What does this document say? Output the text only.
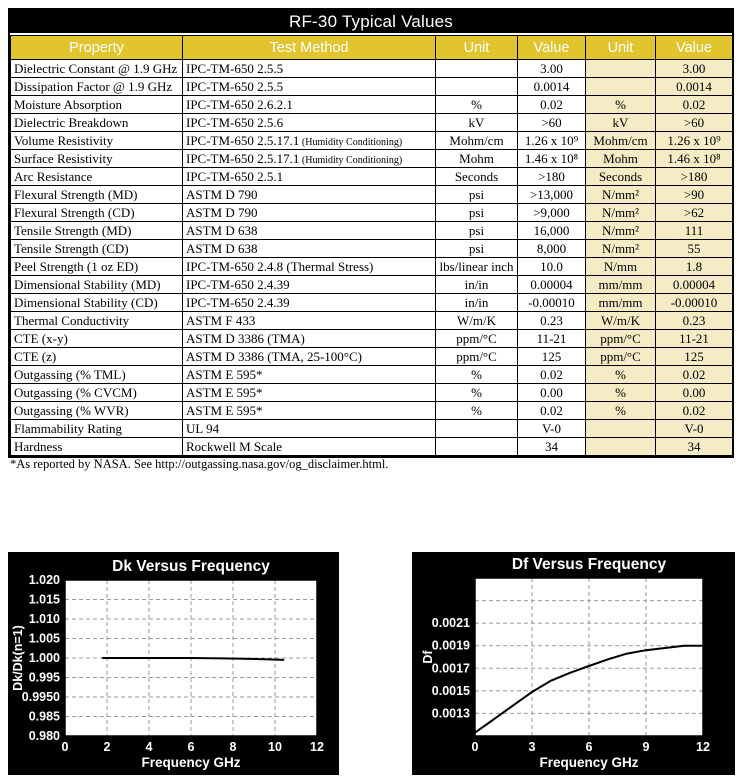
RF-30 Typical Values
Property	Test Method	Unit	Value	Unit	Value
Dielectric Constant @ 1.9 GHz	IPC-TM-650 2.5.5		3.00		3.00
Dissipation Factor @ 1.9 GHz	IPC-TM-650 2.5.5		0.0014		0.0014
Moisture Absorption	IPC-TM-650 2.6.2.1	%	0.02	%	0.02
Dielectric Breakdown	IPC-TM-650 2.5.6	kV	>60	kV	>60
Volume Resistivity	IPC-TM-650 2.5.17.1 (Humidity Conditioning)	Mohm/cm	1.26 x 10⁹	Mohm/cm	1.26 x 10⁹
Surface Resistivity	IPC-TM-650 2.5.17.1 (Humidity Conditioning)	Mohm	1.46 x 10⁸	Mohm	1.46 x 10⁸
Arc Resistance	IPC-TM-650 2.5.1	Seconds	>180	Seconds	>180
Flexural Strength (MD)	ASTM D 790	psi	>13,000	N/mm²	>90
Flexural Strength (CD)	ASTM D 790	psi	>9,000	N/mm²	>62
Tensile Strength (MD)	ASTM D 638	psi	16,000	N/mm²	111
Tensile Strength (CD)	ASTM D 638	psi	8,000	N/mm²	55
Peel Strength (1 oz ED)	IPC-TM-650 2.4.8 (Thermal Stress)	lbs/linear inch	10.0	N/mm	1.8
Dimensional Stability (MD)	IPC-TM-650 2.4.39	in/in	0.00004	mm/mm	0.00004
Dimensional Stability (CD)	IPC-TM-650 2.4.39	in/in	-0.00010	mm/mm	-0.00010
Thermal Conductivity	ASTM F 433	W/m/K	0.23	W/m/K	0.23
CTE (x-y)	ASTM D 3386 (TMA)	ppm/°C	11-21	ppm/°C	11-21
CTE (z)	ASTM D 3386 (TMA, 25-100°C)	ppm/°C	125	ppm/°C	125
Outgassing (% TML)	ASTM E 595*	%	0.02	%	0.02
Outgassing (% CVCM)	ASTM E 595*	%	0.00	%	0.00
Outgassing (% WVR)	ASTM E 595*	%	0.02	%	0.02
Flammability Rating	UL 94		V-0		V-0
Hardness	Rockwell M Scale		34		34
*As reported by NASA. See http://outgassing.nasa.gov/og_disclaimer.html.
0	2	4	6	8	10 12
1.020
1.015
1.010
1.005
1.000
0.995
0.9950
0.985
0.980
Dk Versus Frequency
Frequency GHz
Dk/Dk(n=1)
0	3	6	9	12
0.0021
0.0019
0.0017
0.0015
0.0013
Df Versus Frequency
Frequency GHz
Df
